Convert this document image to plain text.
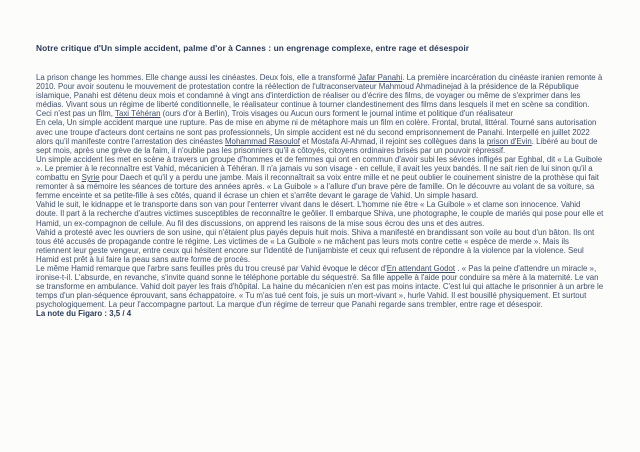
Notre critique d'Un simple accident, palme d'or à Cannes : un engrenage complexe, entre rage et désespoir

La prison change les hommes. Elle change aussi les cinéastes. Deux fois, elle a transformé Jafar Panahi. La première incarcération du cinéaste iranien remonte à 2010. Pour avoir soutenu le mouvement de protestation contre la réélection de l'ultraconservateur Mahmoud Ahmadinejad à la présidence de la République islamique, Panahi est détenu deux mois et condamné à vingt ans d'interdiction de réaliser ou d'écrire des films, de voyager ou même de s'exprimer dans les médias. Vivant sous un régime de liberté conditionnelle, le réalisateur continue à tourner clandestinement des films dans lesquels il met en scène sa condition. Ceci n'est pas un film, Taxi Téhéran (ours d'or à Berlin), Trois visages ou Aucun ours forment le journal intime et politique d'un réalisateur

En cela, Un simple accident marque une rupture. Pas de mise en abyme ni de métaphore mais un film en colère. Frontal, brutal, littéral. Tourné sans autorisation avec une troupe d'acteurs dont certains ne sont pas professionnels, Un simple accident est né du second emprisonnement de Panahi. Interpellé en juillet 2022 alors qu'il manifeste contre l'arrestation des cinéastes Mohammad Rasoulof et Mostafa Al-Ahmad, il rejoint ses collègues dans la prison d'Evin. Libéré au bout de sept mois, après une grève de la faim, il n'oublie pas les prisonniers qu'il a côtoyés, citoyens ordinaires brisés par un pouvoir répressif.

Un simple accident les met en scène à travers un groupe d'hommes et de femmes qui ont en commun d'avoir subi les sévices infligés par Eghbal, dit « La Guibole ». Le premier à le reconnaître est Vahid, mécanicien à Téhéran. Il n'a jamais vu son visage - en cellule, il avait les yeux bandés. Il ne sait rien de lui sinon qu'il a combattu en Syrie pour Daech et qu'il y a perdu une jambe. Mais il reconnaîtrait sa voix entre mille et ne peut oublier le couinement sinistre de la prothèse qui fait remonter à sa mémoire les séances de torture des années après. « La Guibole » a l'allure d'un brave père de famille. On le découvre au volant de sa voiture, sa femme enceinte et sa petite-fille à ses côtés, quand il écrase un chien et s'arrête devant le garage de Vahid. Un simple hasard.

Vahid le suit, le kidnappe et le transporte dans son van pour l'enterrer vivant dans le désert. L'homme nie être « La Guibole » et clame son innocence. Vahid doute. Il part à la recherche d'autres victimes susceptibles de reconnaître le geôlier. Il embarque Shiva, une photographe, le couple de mariés qui pose pour elle et Hamid, un ex-compagnon de cellule. Au fil des discussions, on apprend les raisons de la mise sous écrou des uns et des autres.

Vahid a protesté avec les ouvriers de son usine, qui n'étaient plus payés depuis huit mois. Shiva a manifesté en brandissant son voile au bout d'un bâton. Ils ont tous été accusés de propagande contre le régime. Les victimes de « La Guibole » ne mâchent pas leurs mots contre cette « espèce de merde ». Mais ils retiennent leur geste vengeur, entre ceux qui hésitent encore sur l'identité de l'unijambiste et ceux qui refusent de répondre à la violence par la violence. Seul Hamid est prêt à lui faire la peau sans autre forme de procès.

Le même Hamid remarque que l'arbre sans feuilles près du trou creusé par Vahid évoque le décor d'En attendant Godot . « Pas la peine d'attendre un miracle », ironise-t-il. L'absurde, en revanche, s'invite quand sonne le téléphone portable du séquestré. Sa fille appelle à l'aide pour conduire sa mère à la maternité. Le van se transforme en ambulance. Vahid doit payer les frais d'hôpital. La haine du mécanicien n'en est pas moins intacte. C'est lui qui attache le prisonnier à un arbre le temps d'un plan-séquence éprouvant, sans échappatoire. « Tu m'as tué cent fois, je suis un mort-vivant », hurle Vahid. Il est bousillé physiquement. Et surtout psychologiquement. La peur l'accompagne partout. La marque d'un régime de terreur que Panahi regarde sans trembler, entre rage et désespoir.

La note du Figaro : 3,5 / 4
